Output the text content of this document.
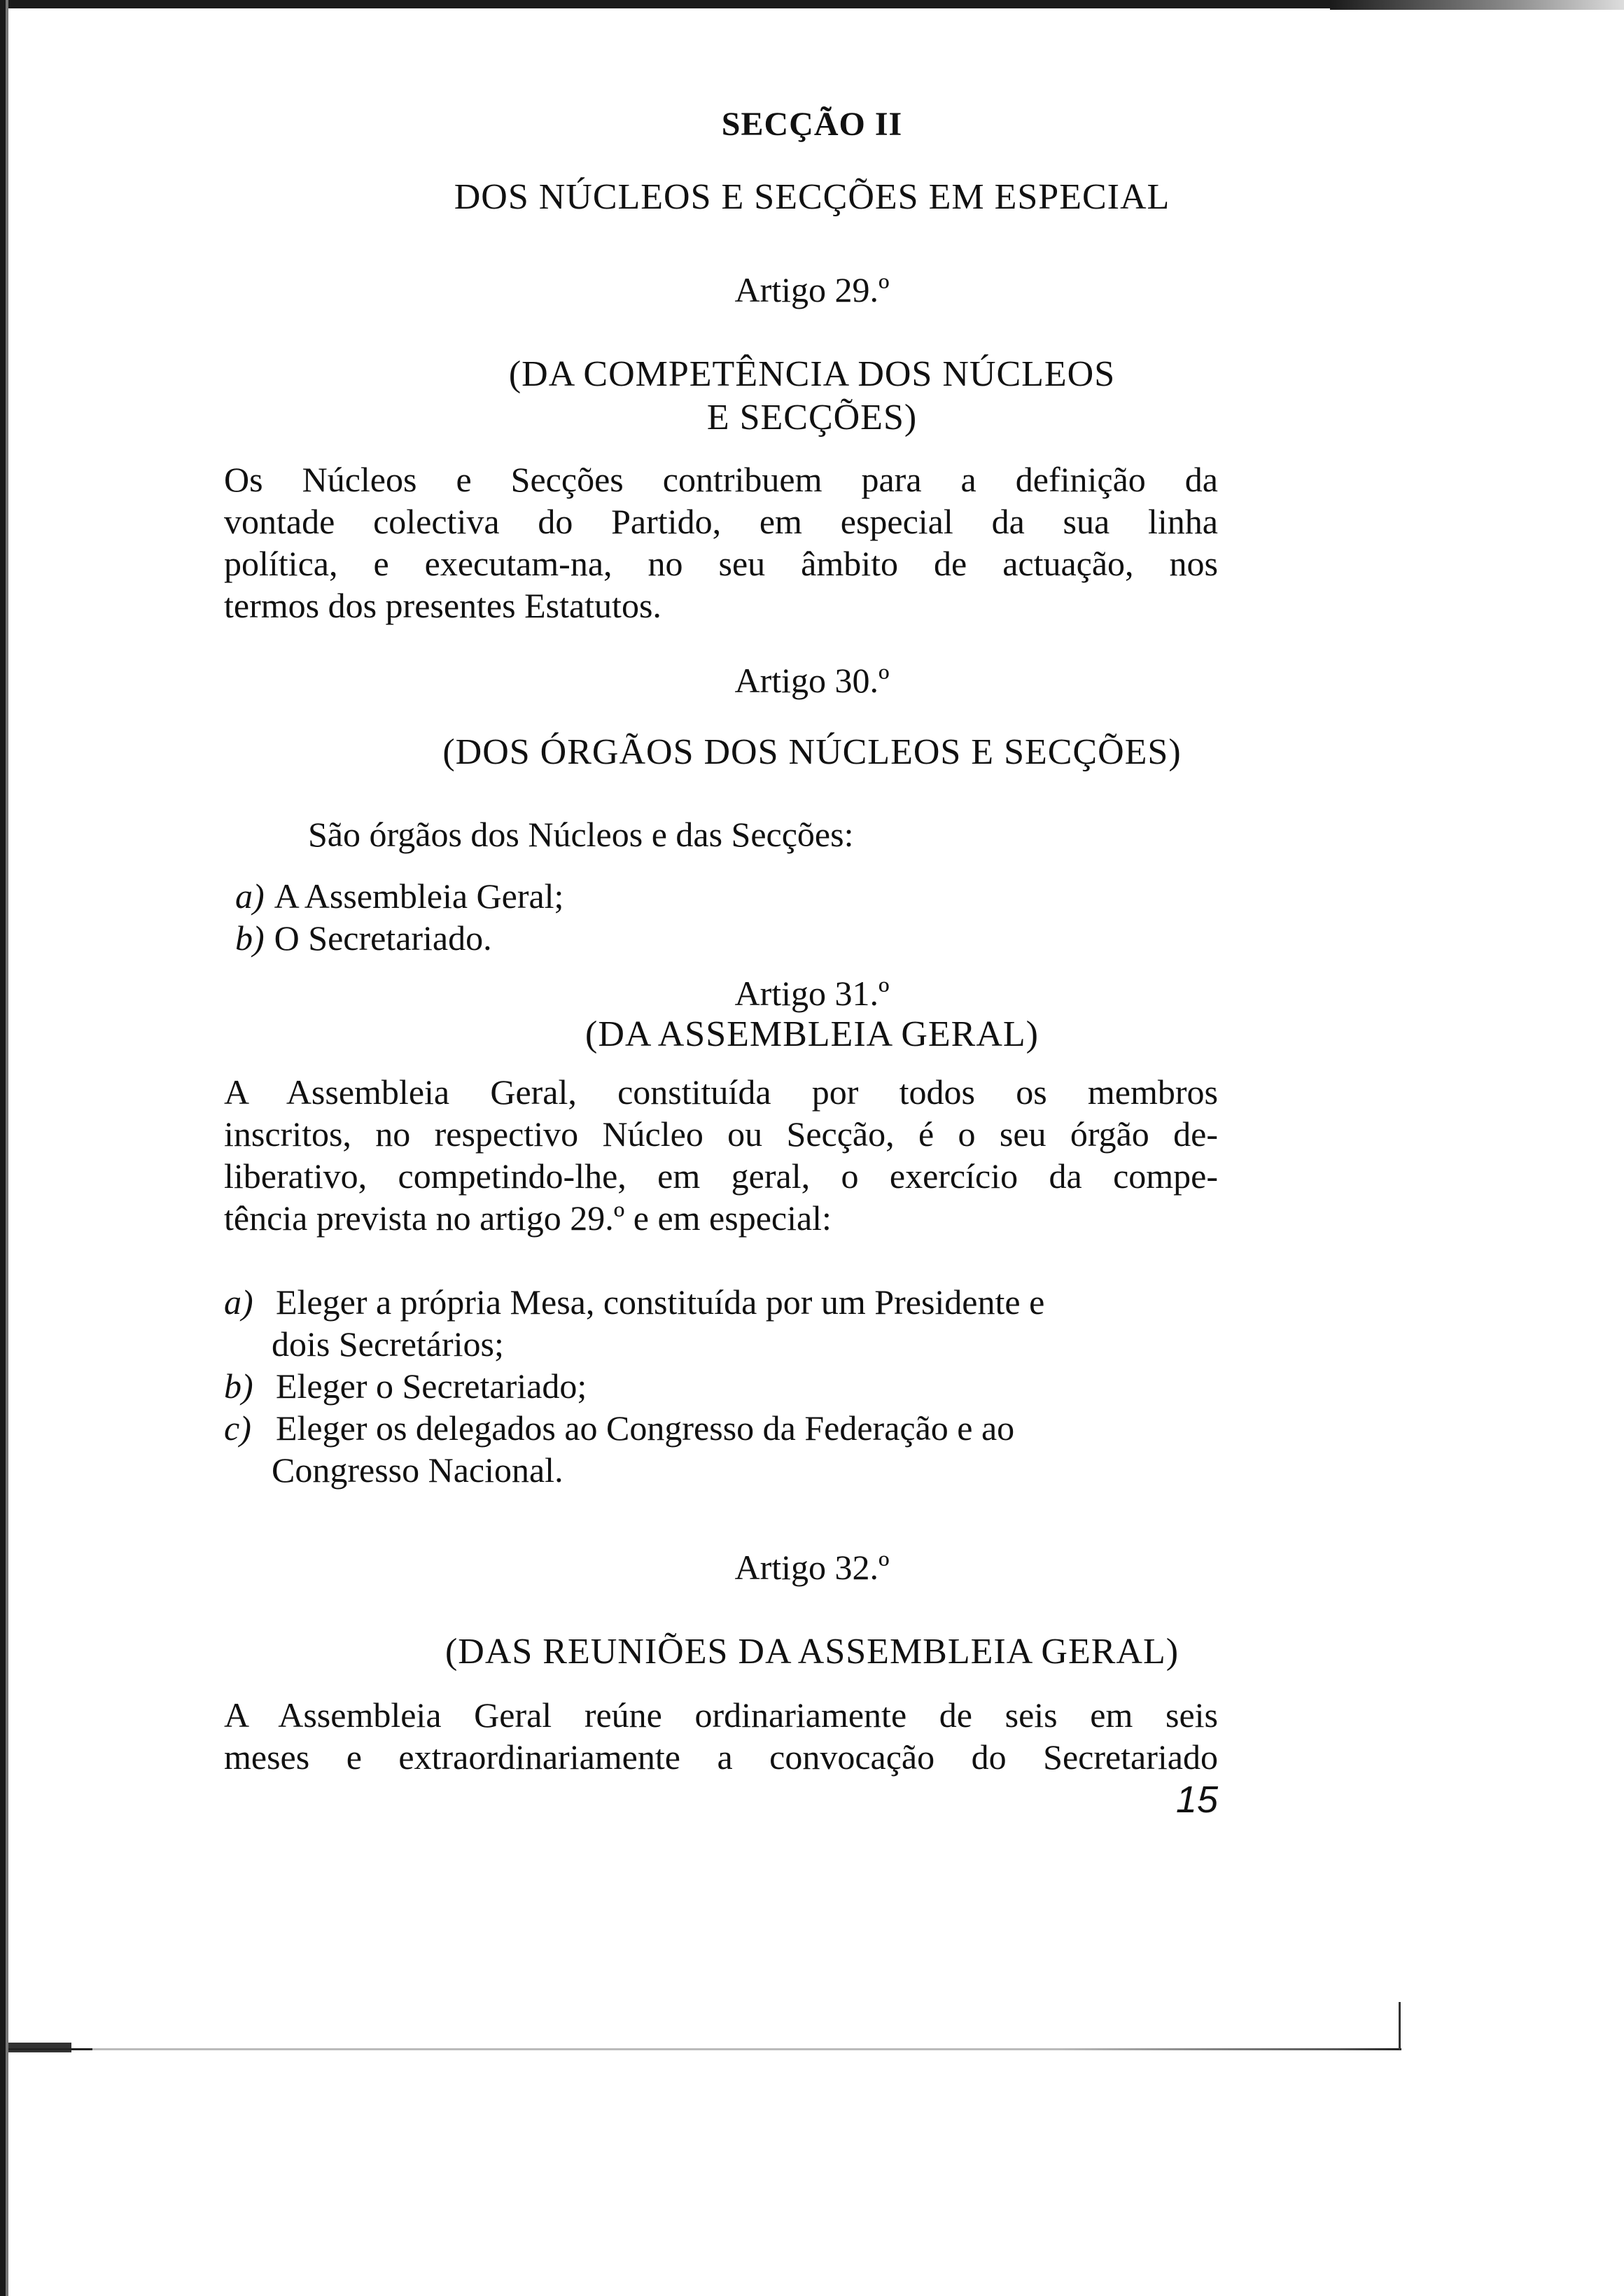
SECÇÃO II
DOS NÚCLEOS E SECÇÕES EM ESPECIAL
Artigo 29.º
(DA COMPETÊNCIA DOS NÚCLEOS
E SECÇÕES)
Os Núcleos e Secções contribuem para a definição da
vontade colectiva do Partido, em especial da sua linha
política, e executam-na, no seu âmbito de actuação, nos
termos dos presentes Estatutos.
Artigo 30.º
(DOS ÓRGÃOS DOS NÚCLEOS E SECÇÕES)
São órgãos dos Núcleos e das Secções:
a) A Assembleia Geral;
b) O Secretariado.
Artigo 31.º
(DA ASSEMBLEIA GERAL)
A Assembleia Geral, constituída por todos os membros
inscritos, no respectivo Núcleo ou Secção, é o seu órgão de-
liberativo, competindo-lhe, em geral, o exercício da compe-
tência prevista no artigo 29.º e em especial:
a) Eleger a própria Mesa, constituída por um Presidente e
dois Secretários;
b) Eleger o Secretariado;
c) Eleger os delegados ao Congresso da Federação e ao
Congresso Nacional.
Artigo 32.º
(DAS REUNIÕES DA ASSEMBLEIA GERAL)
A Assembleia Geral reúne ordinariamente de seis em seis
meses e extraordinariamente a convocação do Secretariado
15
